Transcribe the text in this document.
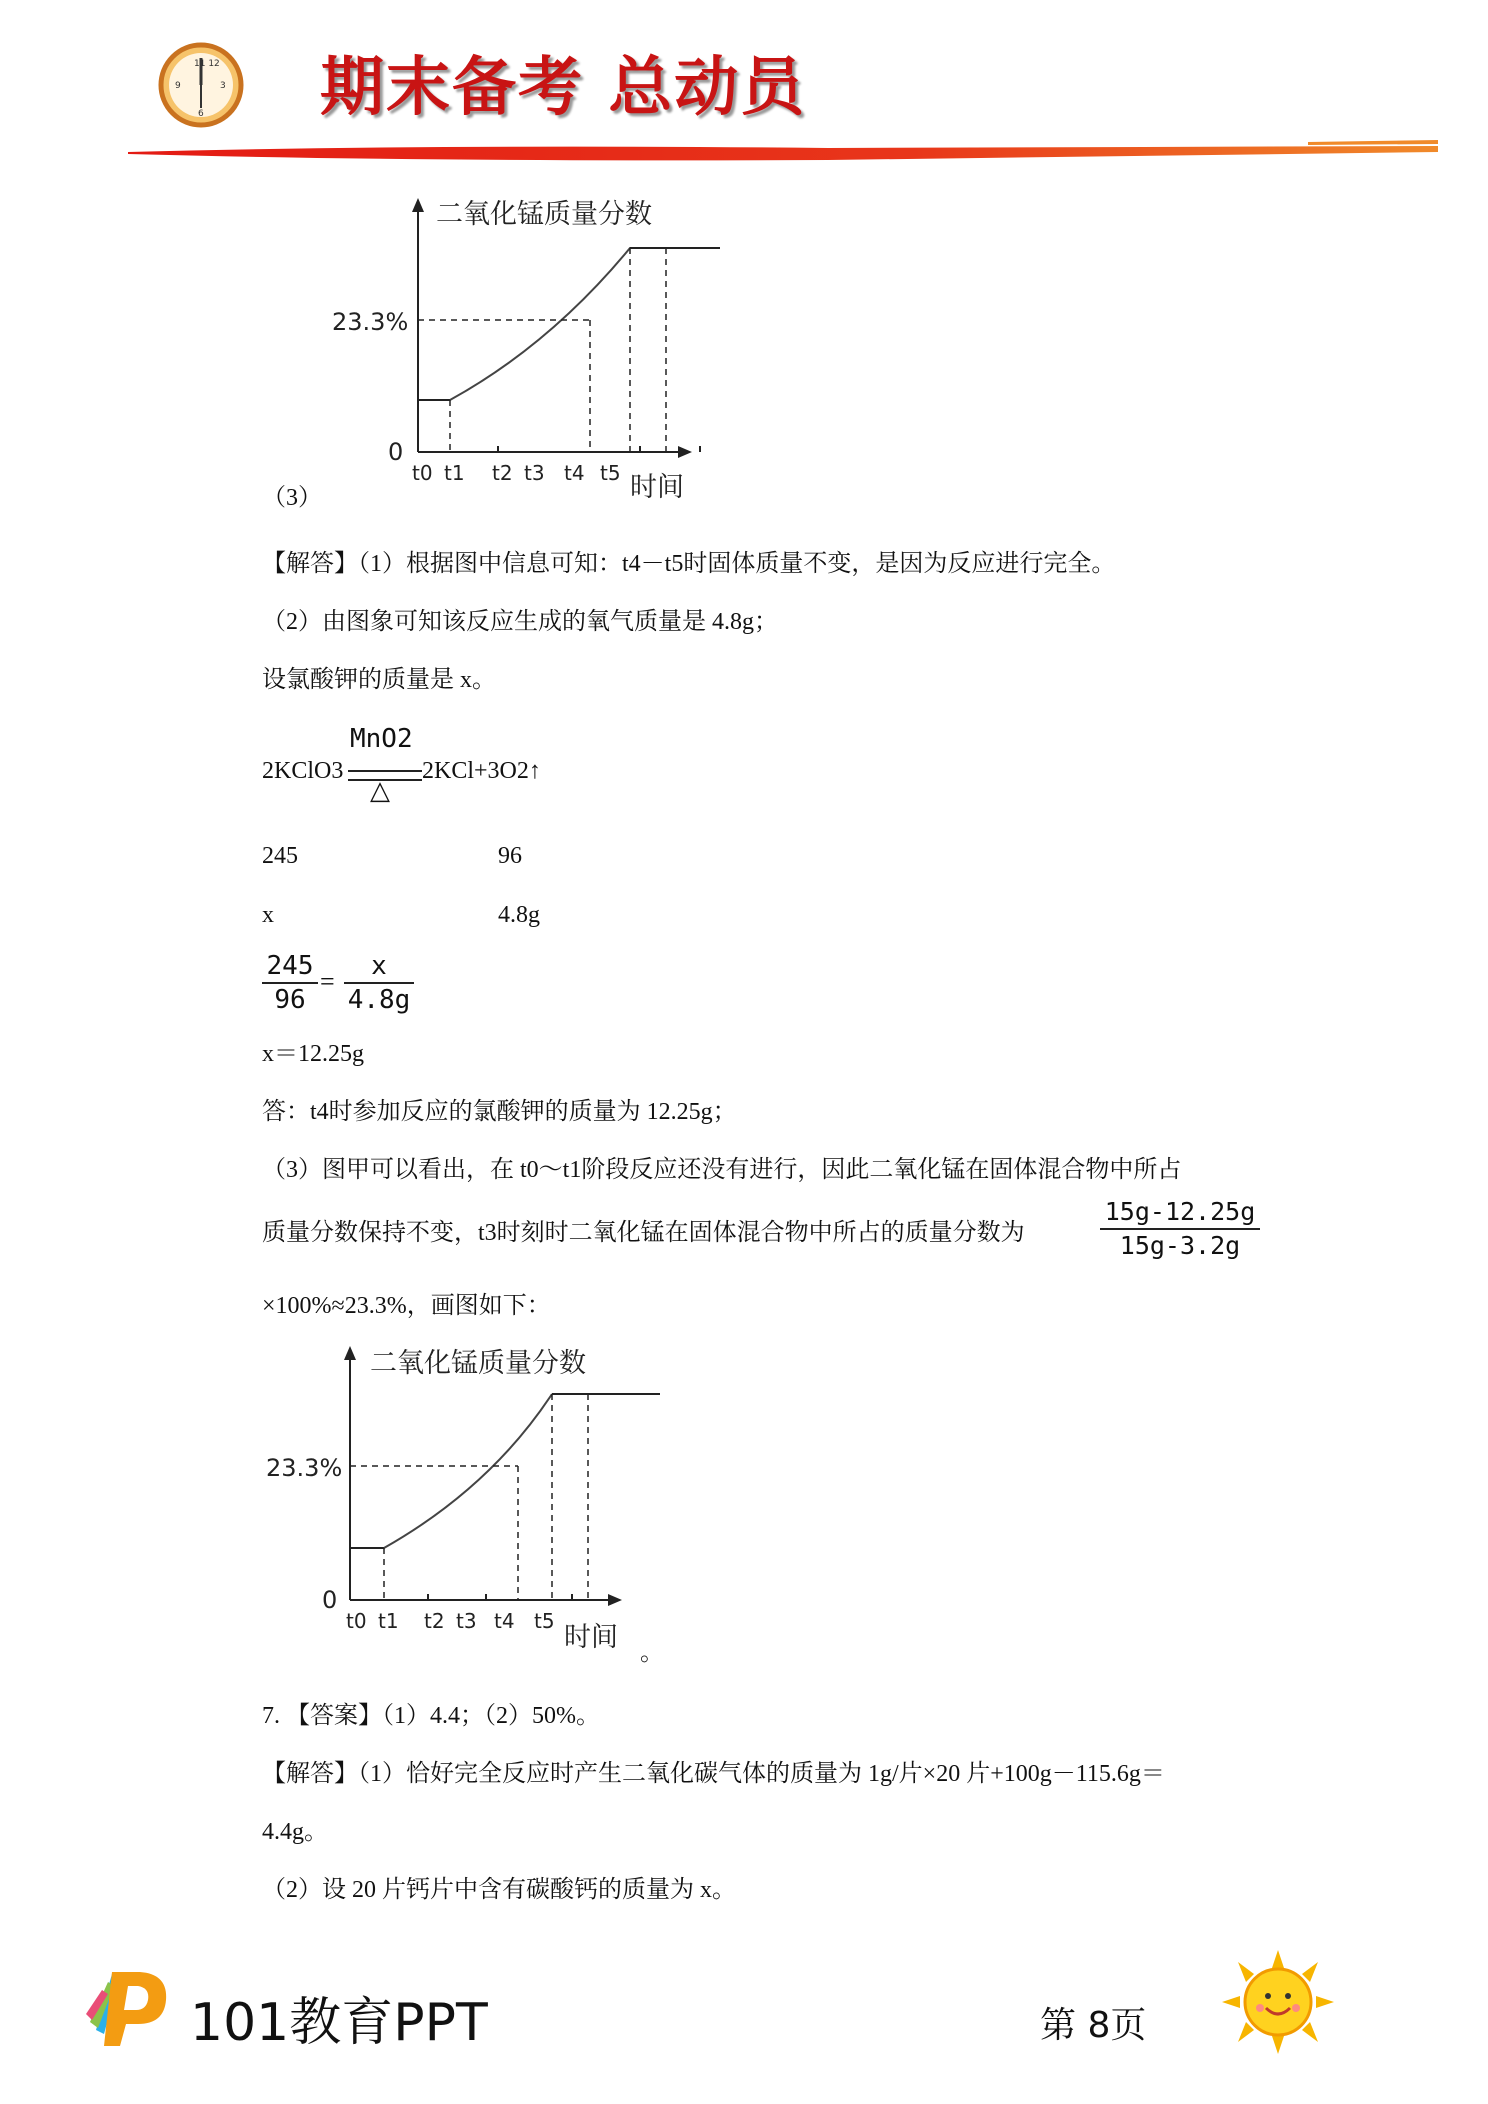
11 12
3
9
6 期末备考 总动员
二氧化锰质量分数
23.3%
0
时间
t0 t1 t2 t3 t4 t5
（3）
【解答】（1）根据图中信息可知：t4－t5时固体质量不变，是因为反应进行完全。
（2）由图象可知该反应生成的氧气质量是 4.8g；
设氯酸钾的质量是 x。
2KClO3
MnO2
△
2KCl+3O2↑
245	96
x	4.8g
245
96
=
x
4.8g
x＝12.25g
答：t4时参加反应的氯酸钾的质量为 12.25g；
（3）图甲可以看出，在 t0～t1阶段反应还没有进行，因此二氧化锰在固体混合物中所占
质量分数保持不变，t3时刻时二氧化锰在固体混合物中所占的质量分数为
15g-12.25g
15g-3.2g
×100%≈23.3%，画图如下：
二氧化锰质量分数
23.3%
0
时间
t0 t1 t2 t3 t4 t5
。
7. 【答案】（1）4.4；（2）50%。
【解答】（1）恰好完全反应时产生二氧化碳气体的质量为 1g/片×20 片+100g－115.6g＝
4.4g。
（2）设 20 片钙片中含有碳酸钙的质量为 x。
101教育PPT	第 8页
